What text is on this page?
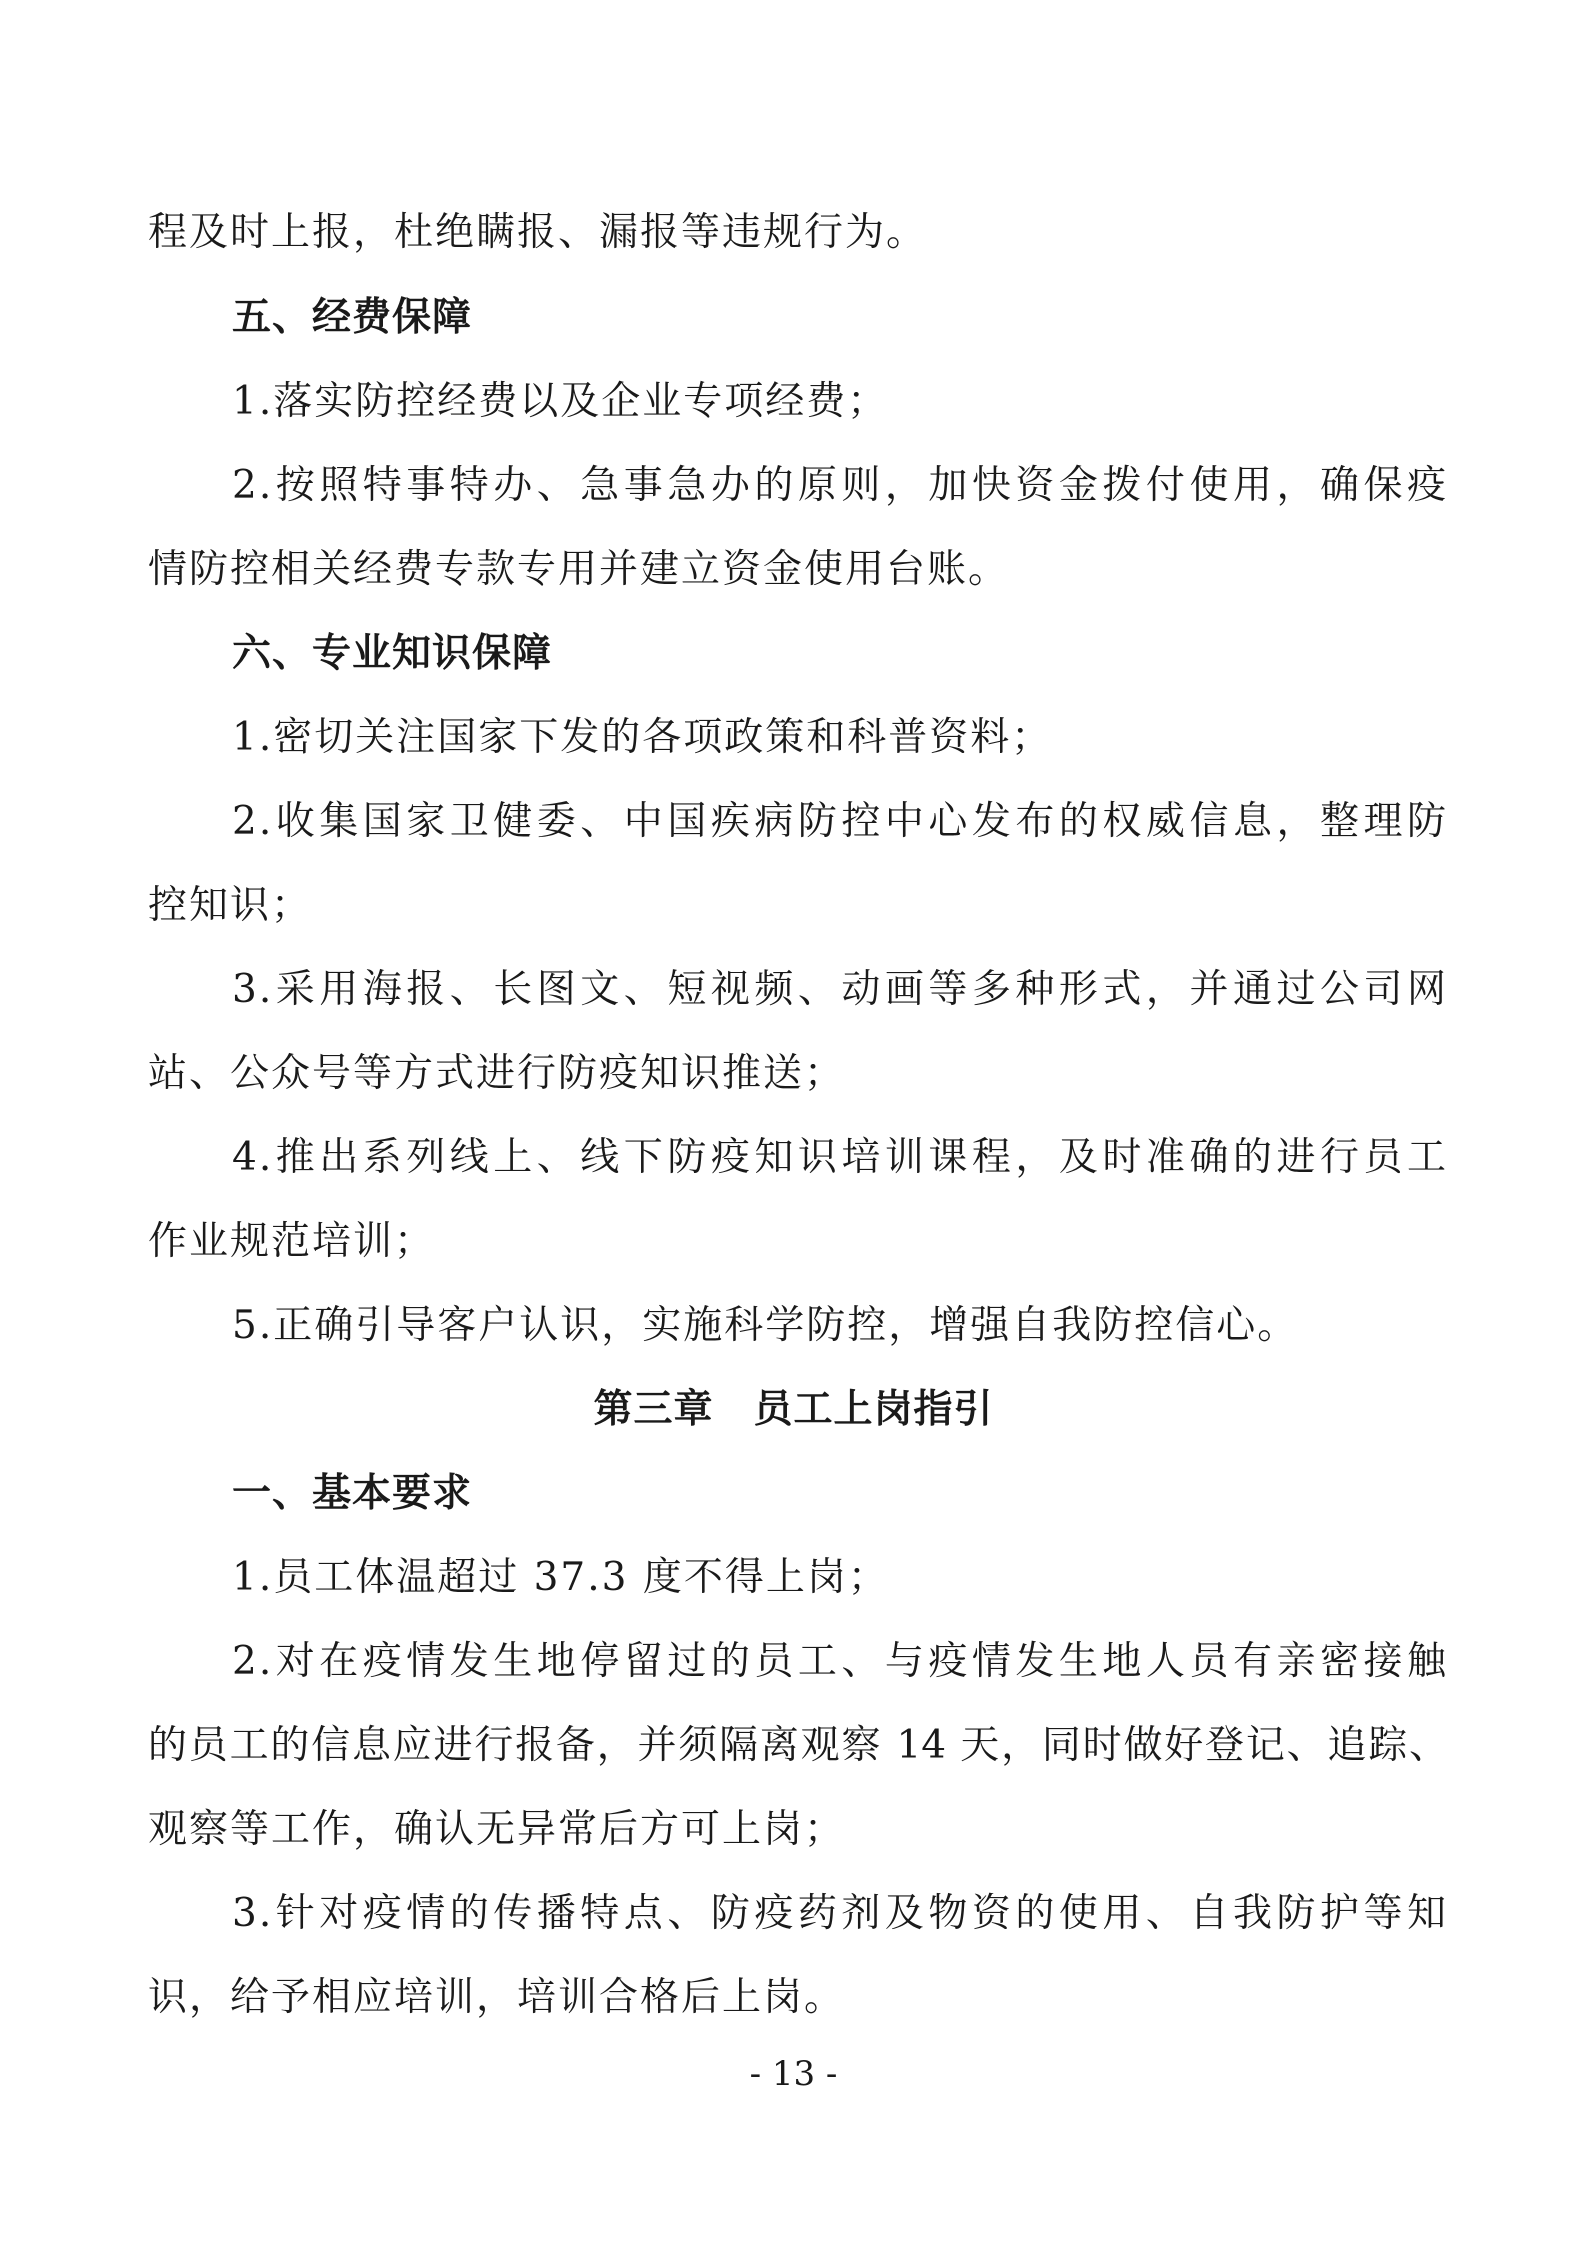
程及时上报，杜绝瞒报、漏报等违规行为。
五、经费保障
1.落实防控经费以及企业专项经费；
2.按照特事特办、急事急办的原则，加快资金拨付使用，确保疫
情防控相关经费专款专用并建立资金使用台账。
六、专业知识保障
1.密切关注国家下发的各项政策和科普资料；
2.收集国家卫健委、中国疾病防控中心发布的权威信息，整理防
控知识；
3.采用海报、长图文、短视频、动画等多种形式，并通过公司网
站、公众号等方式进行防疫知识推送；
4.推出系列线上、线下防疫知识培训课程，及时准确的进行员工
作业规范培训；
5.正确引导客户认识，实施科学防控，增强自我防控信心。
第三章　员工上岗指引
一、基本要求
1.员工体温超过 37.3 度不得上岗；
2.对在疫情发生地停留过的员工、与疫情发生地人员有亲密接触
的员工的信息应进行报备，并须隔离观察 14 天，同时做好登记、追踪、
观察等工作，确认无异常后方可上岗；
3.针对疫情的传播特点、防疫药剂及物资的使用、自我防护等知
识，给予相应培训，培训合格后上岗。
- 13 -
